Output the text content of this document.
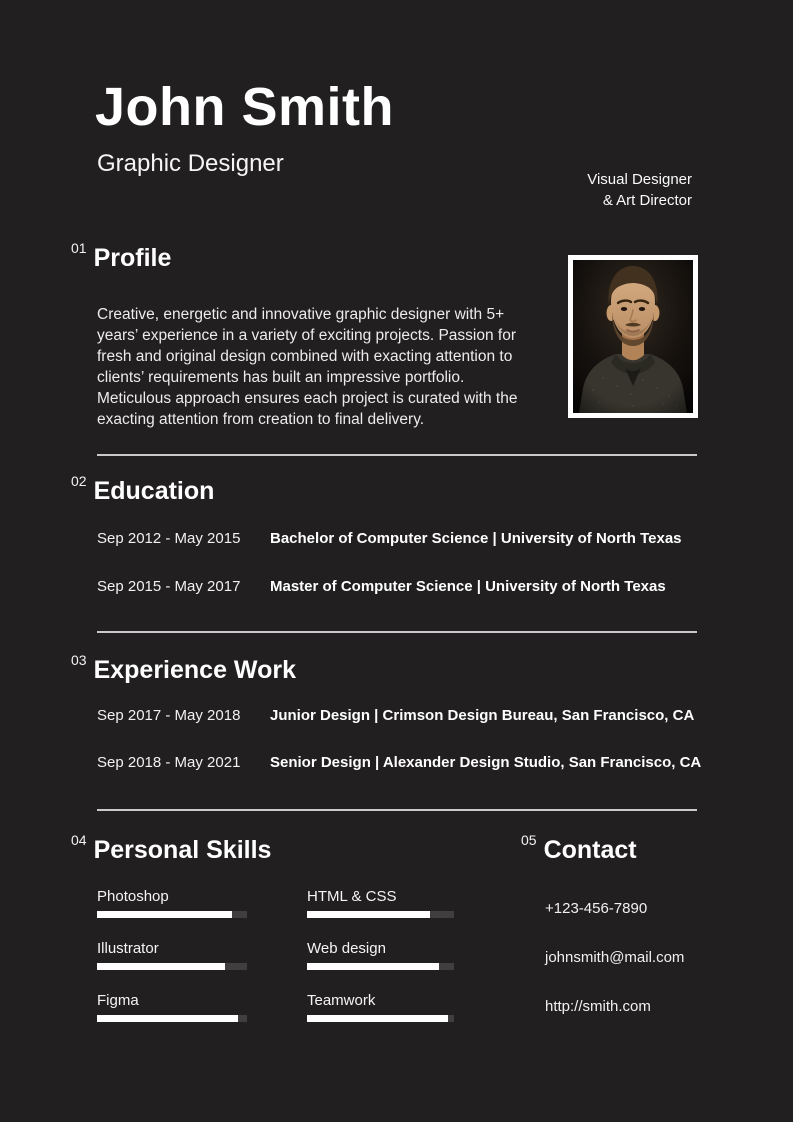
John Smith
Graphic Designer
Visual Designer
& Art Director
01 Profile

Creative, energetic and innovative graphic designer with 5+ years’ experience in a variety of exciting projects. Passion for fresh and original design combined with exacting attention to clients’ requirements has built an impressive portfolio. Meticulous approach ensures each project is curated with the exacting attention from creation to final delivery.

02 Education
Sep 2012 - May 2015	Bachelor of Computer Science | University of North Texas
Sep 2015 - May 2017	Master of Computer Science | University of North Texas
03 Experience Work
Sep 2017 - May 2018	Junior Design | Crimson Design Bureau, San Francisco, CA
Sep 2018 - May 2021	Senior Design | Alexander Design Studio, San Francisco, CA
04 Personal Skills
Photoshop	HTML & CSS
Illustrator	Web design
Figma	Teamwork
05 Contact
+123-456-7890
johnsmith@mail.com
http://smith.com
